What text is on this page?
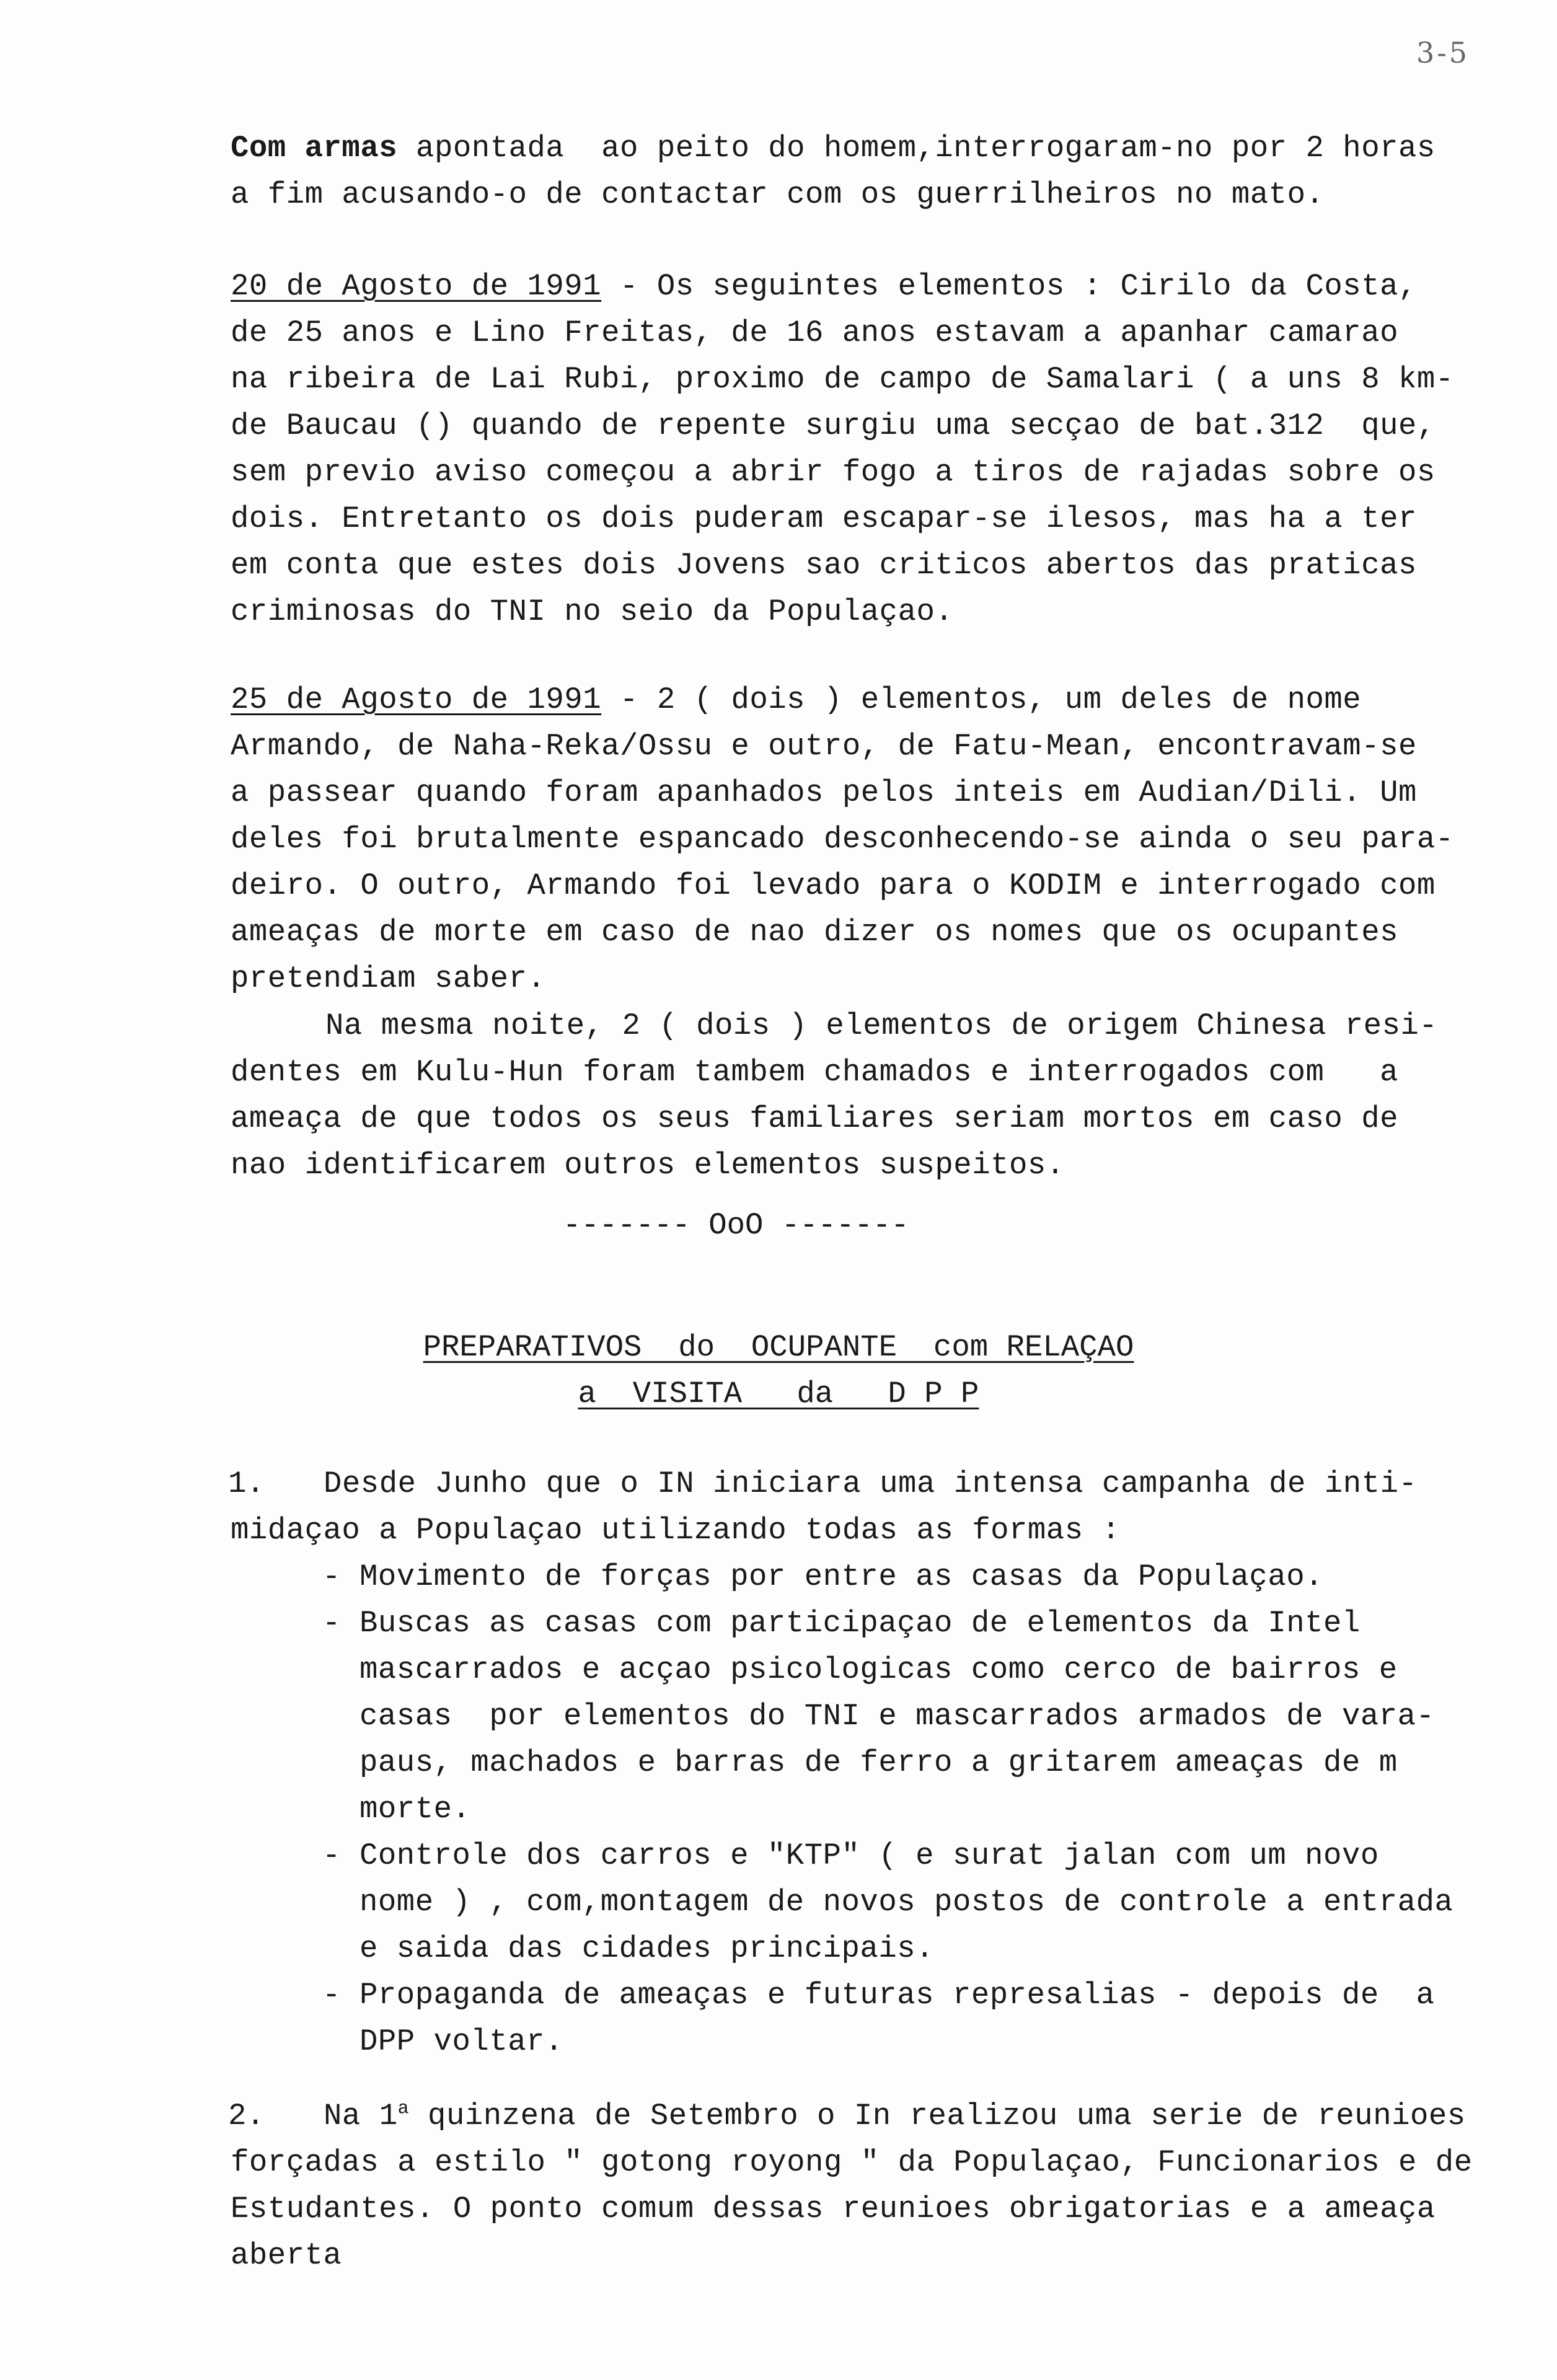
3-5
Com armas apontada  ao peito do homem,interrogaram-no por 2 horas
a fim acusando-o de contactar com os guerrilheiros no mato.
20 de Agosto de 1991 - Os seguintes elementos : Cirilo da Costa,
de 25 anos e Lino Freitas, de 16 anos estavam a apanhar camarao
na ribeira de Lai Rubi, proximo de campo de Samalari ( a uns 8 km-
de Baucau () quando de repente surgiu uma secçao de bat.312  que,
sem previo aviso começou a abrir fogo a tiros de rajadas sobre os
dois. Entretanto os dois puderam escapar-se ilesos, mas ha a ter
em conta que estes dois Jovens sao criticos abertos das praticas
criminosas do TNI no seio da Populaçao.
25 de Agosto de 1991 - 2 ( dois ) elementos, um deles de nome
Armando, de Naha-Reka/Ossu e outro, de Fatu-Mean, encontravam-se
a passear quando foram apanhados pelos inteis em Audian/Dili. Um
deles foi brutalmente espancado desconhecendo-se ainda o seu para-
deiro. O outro, Armando foi levado para o KODIM e interrogado com
ameaças de morte em caso de nao dizer os nomes que os ocupantes
pretendiam saber.
Na mesma noite, 2 ( dois ) elementos de origem Chinesa resi-
dentes em Kulu-Hun foram tambem chamados e interrogados com   a
ameaça de que todos os seus familiares seriam mortos em caso de
nao identificarem outros elementos suspeitos.
------- OoO -------
PREPARATIVOS  do  OCUPANTE  com RELAÇAO
a  VISITA   da   D P P
1.	Desde Junho que o IN iniciara uma intensa campanha de inti-
midaçao a Populaçao utilizando todas as formas :
- Movimento de forças por entre as casas da Populaçao.
- Buscas as casas com participaçao de elementos da Intel
mascarrados e acçao psicologicas como cerco de bairros e
casas  por elementos do TNI e mascarrados armados de vara-
paus, machados e barras de ferro a gritarem ameaças de m
morte.
- Controle dos carros e "KTP" ( e surat jalan com um novo
nome ) , com,montagem de novos postos de controle a entrada
e saida das cidades principais.
- Propaganda de ameaças e futuras represalias - depois de  a
DPP voltar.
2.	Na 1$^a$ quinzena de Setembro o In realizou uma serie de reunioes
forçadas a estilo " gotong royong " da Populaçao, Funcionarios e de
Estudantes. O ponto comum dessas reunioes obrigatorias e a ameaça
aberta
